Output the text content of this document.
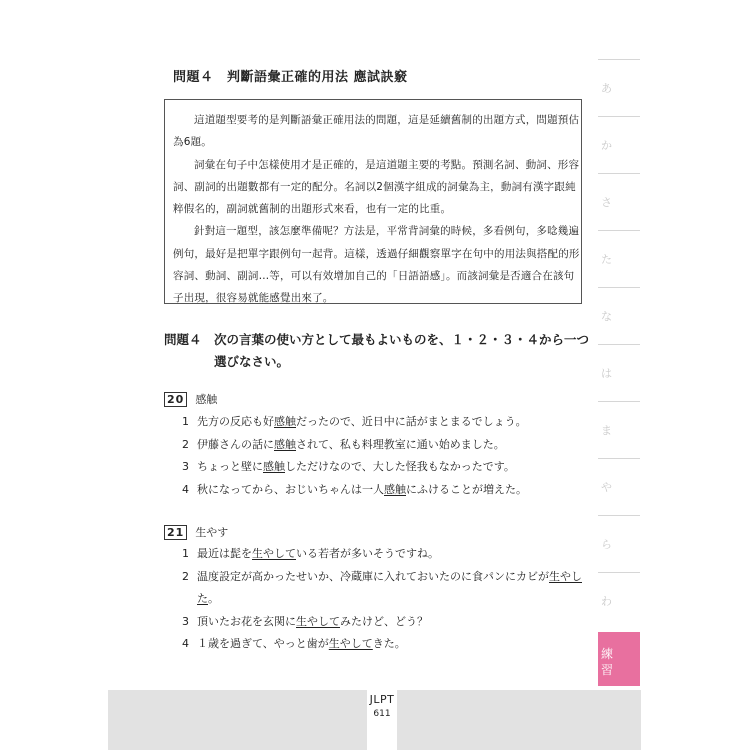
問題４　判斷語彙正確的用法 應試訣竅

這道題型要考的是判斷語彙正確用法的問題，這是延續舊制的出題方式，問題預估為6題。

詞彙在句子中怎樣使用才是正確的，是這道題主要的考點。預測名詞、動詞、形容詞、副詞的出題數都有一定的配分。名詞以2個漢字組成的詞彙為主，動詞有漢字跟純粹假名的，副詞就舊制的出題形式來看，也有一定的比重。

針對這一題型，該怎麼準備呢？方法是，平常背詞彙的時候，多看例句，多唸幾遍例句，最好是把單字跟例句一起背。這樣，透過仔細觀察單字在句中的用法與搭配的形容詞、動詞、副詞…等，可以有效增加自己的「日語語感」。而該詞彙是否適合在該句子出現，很容易就能感覺出來了。

問題４ 次の言葉の使い方として最もよいものを、１・２・３・４から一つ選びなさい。
20 感触

1 先方の反応も好感触だったので、近日中に話がまとまるでしょう。

2 伊藤さんの話に感触されて、私も料理教室に通い始めました。

3 ちょっと壁に感触しただけなので、大した怪我もなかったです。

4 秋になってから、おじいちゃんは一人感触にふけることが増えた。

21 生やす

1 最近は髭を生やしている若者が多いそうですね。

2 温度設定が高かったせいか、冷蔵庫に入れておいたのに食パンにカビが生やした。

3 頂いたお花を玄関に生やしてみたけど、どう？

4 １歳を過ぎて、やっと歯が生やしてきた。

あ
か
さ
た
な
は
ま
や
ら
わ
練
習
JLPT
611
